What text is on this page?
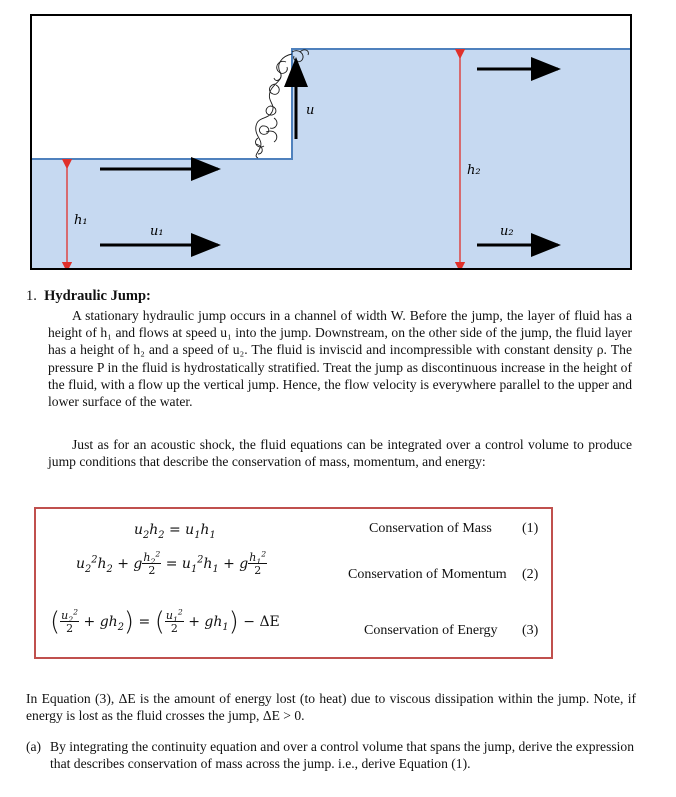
h₁
u₁
h₂
u₂
u
1. Hydraulic Jump:
A stationary hydraulic jump occurs in a channel of width W. Before the jump, the layer of fluid has a height of h₁ and flows at speed u₁ into the jump. Downstream, on the other side of the jump, the fluid layer has a height of h₂ and a speed of u₂. The fluid is inviscid and incompressible with constant density ρ. The pressure P in the fluid is hydrostatically stratified. Treat the jump as discontinuous increase in the height of the fluid, with a flow up the vertical jump. Hence, the flow velocity is everywhere parallel to the upper and lower surface of the water.
Just as for an acoustic shock, the fluid equations can be integrated over a control volume to produce jump conditions that describe the conservation of mass, momentum, and energy:
$u_2h_2 = u_1h_1$	Conservation of Mass (1)
$u_2^2h_2 + g \frac{h_2^2}{2} = u_1^2h_1 + g \frac{h_1^2}{2}$	Conservation of Momentum (2)
( $\frac{u_2^2}{2} + gh_2$) = ( $\frac{u_1^2}{2} + gh_1) - \Delta E$
Conservation of Energy (3)
In Equation (3), ΔE is the amount of energy lost (to heat) due to viscous dissipation within the jump. Note, if energy is lost as the fluid crosses the jump, ΔE > 0.
(a) By integrating the continuity equation and over a control volume that spans the jump, derive the expression that describes conservation of mass across the jump. i.e., derive Equation (1).
